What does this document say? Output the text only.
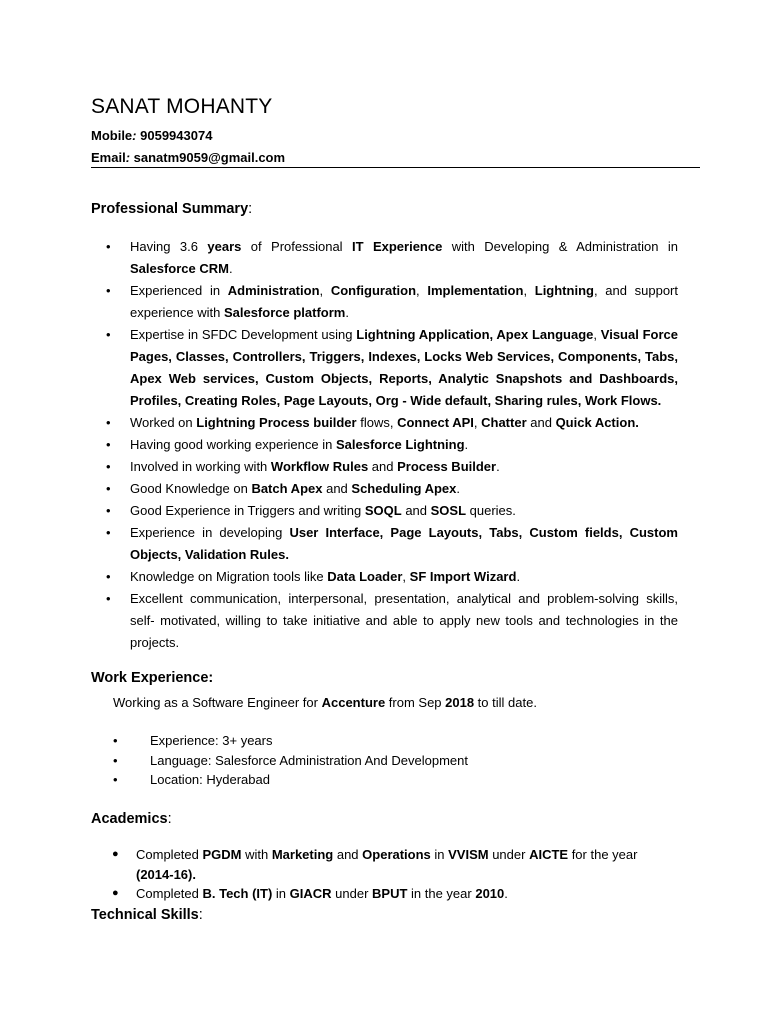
SANAT MOHANTY
Mobile: 9059943074
Email: sanatm9059@gmail.com
Professional Summary:
• Having 3.6 years of Professional IT Experience with Developing & Administration in Salesforce CRM.
• Experienced in Administration, Configuration, Implementation, Lightning, and support experience with Salesforce platform.
• Expertise in SFDC Development using Lightning Application, Apex Language, Visual Force Pages, Classes, Controllers, Triggers, Indexes, Locks Web Services, Components, Tabs, Apex Web services, Custom Objects, Reports, Analytic Snapshots and Dashboards, Profiles, Creating Roles, Page Layouts, Org - Wide default, Sharing rules, Work Flows.
• Worked on Lightning Process builder flows, Connect API, Chatter and Quick Action.
• Having good working experience in Salesforce Lightning.
• Involved in working with Workflow Rules and Process Builder.
• Good Knowledge on Batch Apex and Scheduling Apex.
• Good Experience in Triggers and writing SOQL and SOSL queries.
• Experience in developing User Interface, Page Layouts, Tabs, Custom fields, Custom Objects, Validation Rules.
• Knowledge on Migration tools like Data Loader, SF Import Wizard.
• Excellent communication, interpersonal, presentation, analytical and problem-solving skills, self- motivated, willing to take initiative and able to apply new tools and technologies in the projects.
Work Experience:
Working as a Software Engineer for Accenture from Sep 2018 to till date.
• Experience: 3+ years
• Language: Salesforce Administration And Development
• Location: Hyderabad
Academics:
● Completed PGDM with Marketing and Operations in VVISM under AICTE for the year (2014-16).
● Completed B. Tech (IT) in GIACR under BPUT in the year 2010.
Technical Skills:
